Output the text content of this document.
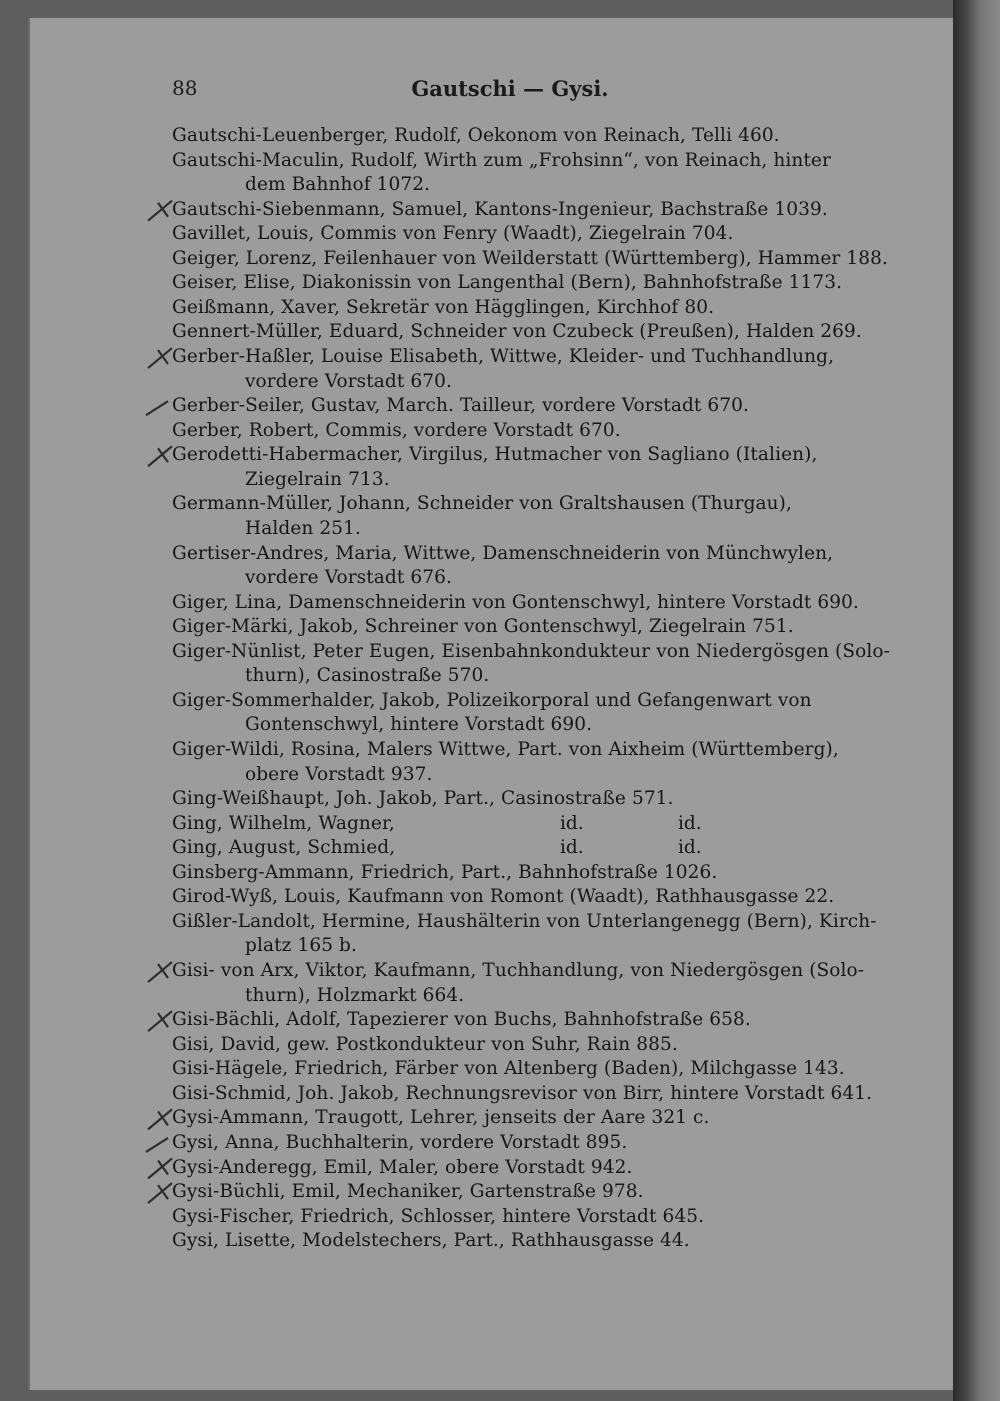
88	Gautschi — Gysi.
Gautschi-Leuenberger, Rudolf, Oekonom von Reinach, Telli 460.
Gautschi-Maculin, Rudolf, Wirth zum „Frohsinn“, von Reinach, hinter
dem Bahnhof 1072.
Gautschi-Siebenmann, Samuel, Kantons-Ingenieur, Bachstraße 1039.
Gavillet, Louis, Commis von Fenry (Waadt), Ziegelrain 704.
Geiger, Lorenz, Feilenhauer von Weilderstatt (Württemberg), Hammer 188.
Geiser, Elise, Diakonissin von Langenthal (Bern), Bahnhofstraße 1173.
Geißmann, Xaver, Sekretär von Hägglingen, Kirchhof 80.
Gennert-Müller, Eduard, Schneider von Czubeck (Preußen), Halden 269.
Gerber-Haßler, Louise Elisabeth, Wittwe, Kleider- und Tuchhandlung,
vordere Vorstadt 670.
Gerber-Seiler, Gustav, March. Tailleur, vordere Vorstadt 670.
Gerber, Robert, Commis, vordere Vorstadt 670.
Gerodetti-Habermacher, Virgilus, Hutmacher von Sagliano (Italien),
Ziegelrain 713.
Germann-Müller, Johann, Schneider von Graltshausen (Thurgau),
Halden 251.
Gertiser-Andres, Maria, Wittwe, Damenschneiderin von Münchwylen,
vordere Vorstadt 676.
Giger, Lina, Damenschneiderin von Gontenschwyl, hintere Vorstadt 690.
Giger-Märki, Jakob, Schreiner von Gontenschwyl, Ziegelrain 751.
Giger-Nünlist, Peter Eugen, Eisenbahnkondukteur von Niedergösgen (Solo-
thurn), Casinostraße 570.
Giger-Sommerhalder, Jakob, Polizeikorporal und Gefangenwart von
Gontenschwyl, hintere Vorstadt 690.
Giger-Wildi, Rosina, Malers Wittwe, Part. von Aixheim (Württemberg),
obere Vorstadt 937.
Ging-Weißhaupt, Joh. Jakob, Part., Casinostraße 571.
Ging, Wilhelm, Wagner,	id.	id.
Ging, August, Schmied,	id.	id.
Ginsberg-Ammann, Friedrich, Part., Bahnhofstraße 1026.
Girod-Wyß, Louis, Kaufmann von Romont (Waadt), Rathhausgasse 22.
Gißler-Landolt, Hermine, Haushälterin von Unterlangenegg (Bern), Kirch-
platz 165 b.
Gisi- von Arx, Viktor, Kaufmann, Tuchhandlung, von Niedergösgen (Solo-
thurn), Holzmarkt 664.
Gisi-Bächli, Adolf, Tapezierer von Buchs, Bahnhofstraße 658.
Gisi, David, gew. Postkondukteur von Suhr, Rain 885.
Gisi-Hägele, Friedrich, Färber von Altenberg (Baden), Milchgasse 143.
Gisi-Schmid, Joh. Jakob, Rechnungsrevisor von Birr, hintere Vorstadt 641.
Gysi-Ammann, Traugott, Lehrer, jenseits der Aare 321 c.
Gysi, Anna, Buchhalterin, vordere Vorstadt 895.
Gysi-Anderegg, Emil, Maler, obere Vorstadt 942.
Gysi-Büchli, Emil, Mechaniker, Gartenstraße 978.
Gysi-Fischer, Friedrich, Schlosser, hintere Vorstadt 645.
Gysi, Lisette, Modelstechers, Part., Rathhausgasse 44.
